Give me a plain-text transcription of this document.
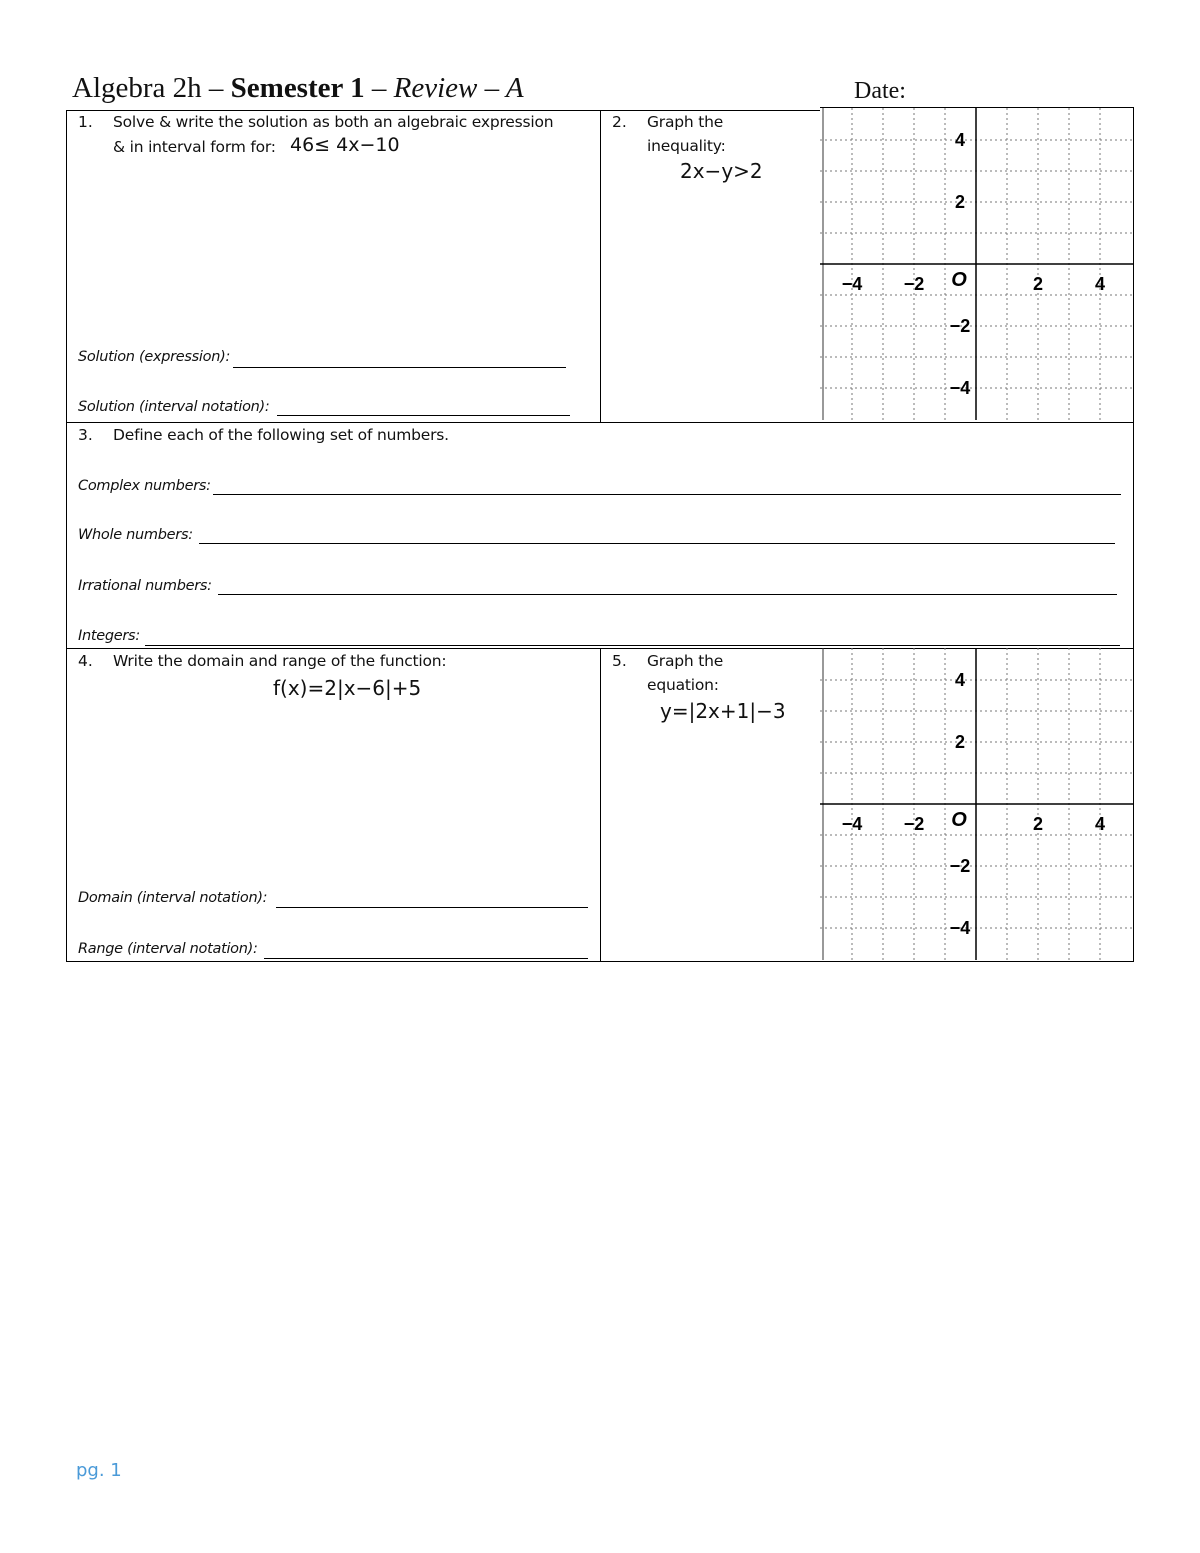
Algebra 2h – Semester 1 – Review – A	Date:
1. Solve & write the solution as both an algebraic expression
& in interval form for: 46≤ 4x−10
Solution (expression):
Solution (interval notation):
2. Graph the
inequality:
2x−y>2
−4 −2	2	4
4
2
−2
−4
O
3. Define each of the following set of numbers.
Complex numbers:
Whole numbers:
Irrational numbers:
Integers:
4. Write the domain and range of the function:
f(x)=2|x−6|+5
Domain (interval notation):
Range (interval notation):
5. Graph the
equation:
y=|2x+1|−3
−4 −2	2	4
4
2
−2
−4
O
pg. 1
